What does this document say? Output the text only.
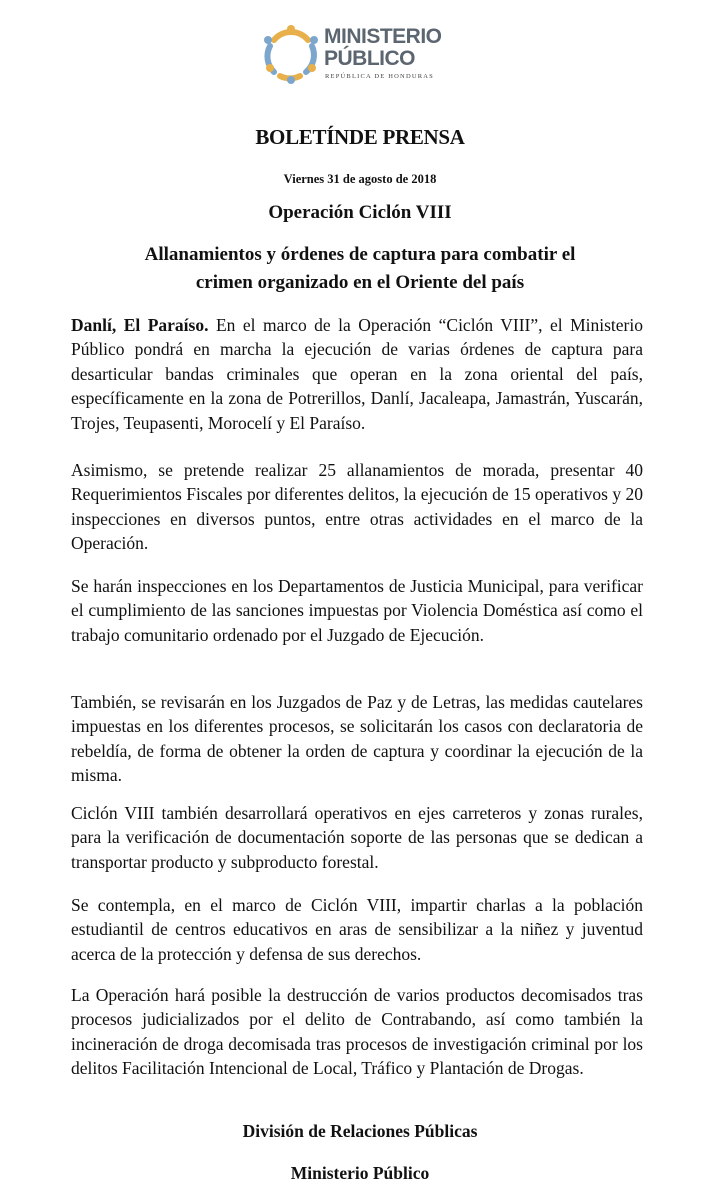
MINISTERIO
PÚBLICO
REPÚBLICA DE HONDURAS
BOLETÍNDE PRENSA
Viernes 31 de agosto de 2018
Operación Ciclón VIII
Allanamientos y órdenes de captura para combatir el
crimen organizado en el Oriente del país

Danlí, El Paraíso. En el marco de la Operación “Ciclón VIII”, el Ministerio Público pondrá en marcha la ejecución de varias órdenes de captura para desarticular bandas criminales que operan en la zona oriental del país, específicamente en la zona de Potrerillos, Danlí, Jacaleapa, Jamastrán, Yuscarán, Trojes, Teupasenti, Morocelí y El Paraíso.

Asimismo, se pretende realizar 25 allanamientos de morada, presentar 40 Requerimientos Fiscales por diferentes delitos, la ejecución de 15 operativos y 20 inspecciones en diversos puntos, entre otras actividades en el marco de la Operación.

Se harán inspecciones en los Departamentos de Justicia Municipal, para verificar el cumplimiento de las sanciones impuestas por Violencia Doméstica así como el trabajo comunitario ordenado por el Juzgado de Ejecución.

También, se revisarán en los Juzgados de Paz y de Letras, las medidas cautelares impuestas en los diferentes procesos, se solicitarán los casos con declaratoria de rebeldía, de forma de obtener la orden de captura y coordinar la ejecución de la misma.

Ciclón VIII también desarrollará operativos en ejes carreteros y zonas rurales, para la verificación de documentación soporte de las personas que se dedican a transportar producto y subproducto forestal.

Se contempla, en el marco de Ciclón VIII, impartir charlas a la población estudiantil de centros educativos en aras de sensibilizar a la niñez y juventud acerca de la protección y defensa de sus derechos.

La Operación hará posible la destrucción de varios productos decomisados tras procesos judicializados por el delito de Contrabando, así como también la incineración de droga decomisada tras procesos de investigación criminal por los delitos Facilitación Intencional de Local, Tráfico y Plantación de Drogas.

División de Relaciones Públicas
Ministerio Público
